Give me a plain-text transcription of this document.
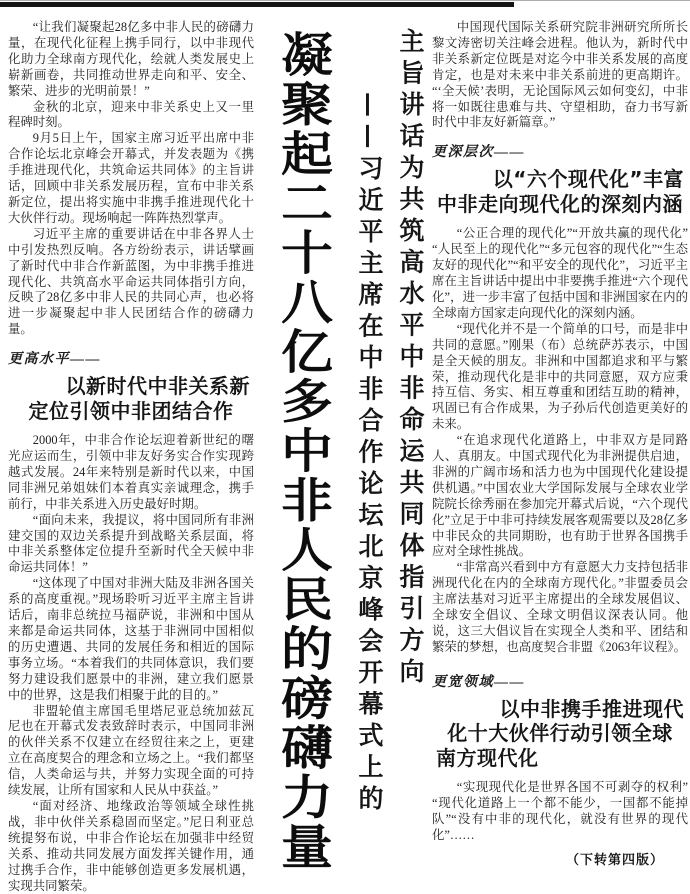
“让我们凝聚起28亿多中非人民的磅礴力量，在现代化征程上携手同行，以中非现代化助力全球南方现代化，绘就人类发展史上崭新画卷，共同推动世界走向和平、安全、繁荣、进步的光明前景！”

金秋的北京，迎来中非关系史上又一里程碑时刻。

9月5日上午，国家主席习近平出席中非合作论坛北京峰会开幕式，并发表题为《携手推进现代化，共筑命运共同体》的主旨讲话，回顾中非关系发展历程，宣布中非关系新定位，提出将实施中非携手推进现代化十大伙伴行动。现场响起一阵阵热烈掌声。

习近平主席的重要讲话在中非各界人士中引发热烈反响。各方纷纷表示，讲话擘画了新时代中非合作新蓝图，为中非携手推进现代化、共筑高水平命运共同体指引方向，反映了28亿多中非人民的共同心声，也必将进一步凝聚起中非人民团结合作的磅礴力量。

更高水平——
以新时代中非关系新
定位引领中非团结合作

2000年，中非合作论坛迎着新世纪的曙光应运而生，引领中非友好务实合作实现跨越式发展。24年来特别是新时代以来，中国同非洲兄弟姐妹们本着真实亲诚理念，携手前行，中非关系进入历史最好时期。

“面向未来，我提议，将中国同所有非洲建交国的双边关系提升到战略关系层面，将中非关系整体定位提升至新时代全天候中非命运共同体！”

“这体现了中国对非洲大陆及非洲各国关系的高度重视。”现场聆听习近平主席主旨讲话后，南非总统拉马福萨说，非洲和中国从来都是命运共同体，这基于非洲同中国相似的历史遭遇、共同的发展任务和相近的国际事务立场。“本着我们的共同体意识，我们要努力建设我们愿景中的非洲，建立我们愿景中的世界，这是我们相聚于此的目的。”

非盟轮值主席国毛里塔尼亚总统加兹瓦尼也在开幕式发表致辞时表示，中国同非洲的伙伴关系不仅建立在经贸往来之上，更建立在高度契合的理念和立场之上。“我们都坚信，人类命运与共，并努力实现全面的可持续发展，让所有国家和人民从中获益。”

“面对经济、地缘政治等领域全球性挑战，非中伙伴关系稳固而坚定。”尼日利亚总统提努布说，中非合作论坛在加强非中经贸关系、推动共同发展方面发挥关键作用，通过携手合作，非中能够创造更多发展机遇，实现共同繁荣。

凝聚起二十八亿多中非人民的磅礴力量 ——习近平主席在中非合作论坛北京峰会开幕式上的 主旨讲话为共筑高水平中非命运共同体指引方向

中国现代国际关系研究院非洲研究所所长黎文涛密切关注峰会进程。他认为，新时代中非关系新定位既是对迄今中非关系发展的高度肯定，也是对未来中非关系前进的更高期许。“‘全天候’表明，无论国际风云如何变幻，中非将一如既往患难与共、守望相助，奋力书写新时代中非友好新篇章。”

更深层次——
以“六个现代化”丰富
中非走向现代化的深刻内涵

“公正合理的现代化”“开放共赢的现代化”“人民至上的现代化”“多元包容的现代化”“生态友好的现代化”“和平安全的现代化”，习近平主席在主旨讲话中提出中非要携手推进“六个现代化”，进一步丰富了包括中国和非洲国家在内的全球南方国家走向现代化的深刻内涵。

“现代化并不是一个简单的口号，而是非中共同的意愿。”刚果（布）总统萨苏表示，中国是全天候的朋友。非洲和中国都追求和平与繁荣，推动现代化是非中的共同意愿，双方应秉持互信、务实、相互尊重和团结互助的精神，巩固已有合作成果，为子孙后代创造更美好的未来。

“在追求现代化道路上，中非双方是同路人、真朋友。中国式现代化为非洲提供启迪，非洲的广阔市场和活力也为中国现代化建设提供机遇。”中国农业大学国际发展与全球农业学院院长徐秀丽在参加完开幕式后说，“六个现代化”立足于中非可持续发展客观需要以及28亿多中非民众的共同期盼，也有助于世界各国携手应对全球性挑战。

“非常高兴看到中方有意愿大力支持包括非洲现代化在内的全球南方现代化。”非盟委员会主席法基对习近平主席提出的全球发展倡议、全球安全倡议、全球文明倡议深表认同。他说，这三大倡议旨在实现全人类和平、团结和繁荣的梦想，也高度契合非盟《2063年议程》。

更宽领域——
以中非携手推进现代
化十大伙伴行动引领全球
南方现代化

“实现现代化是世界各国不可剥夺的权利”“现代化道路上一个都不能少，一国都不能掉队”“没有中非的现代化，就没有世界的现代化”……

（下转第四版）
